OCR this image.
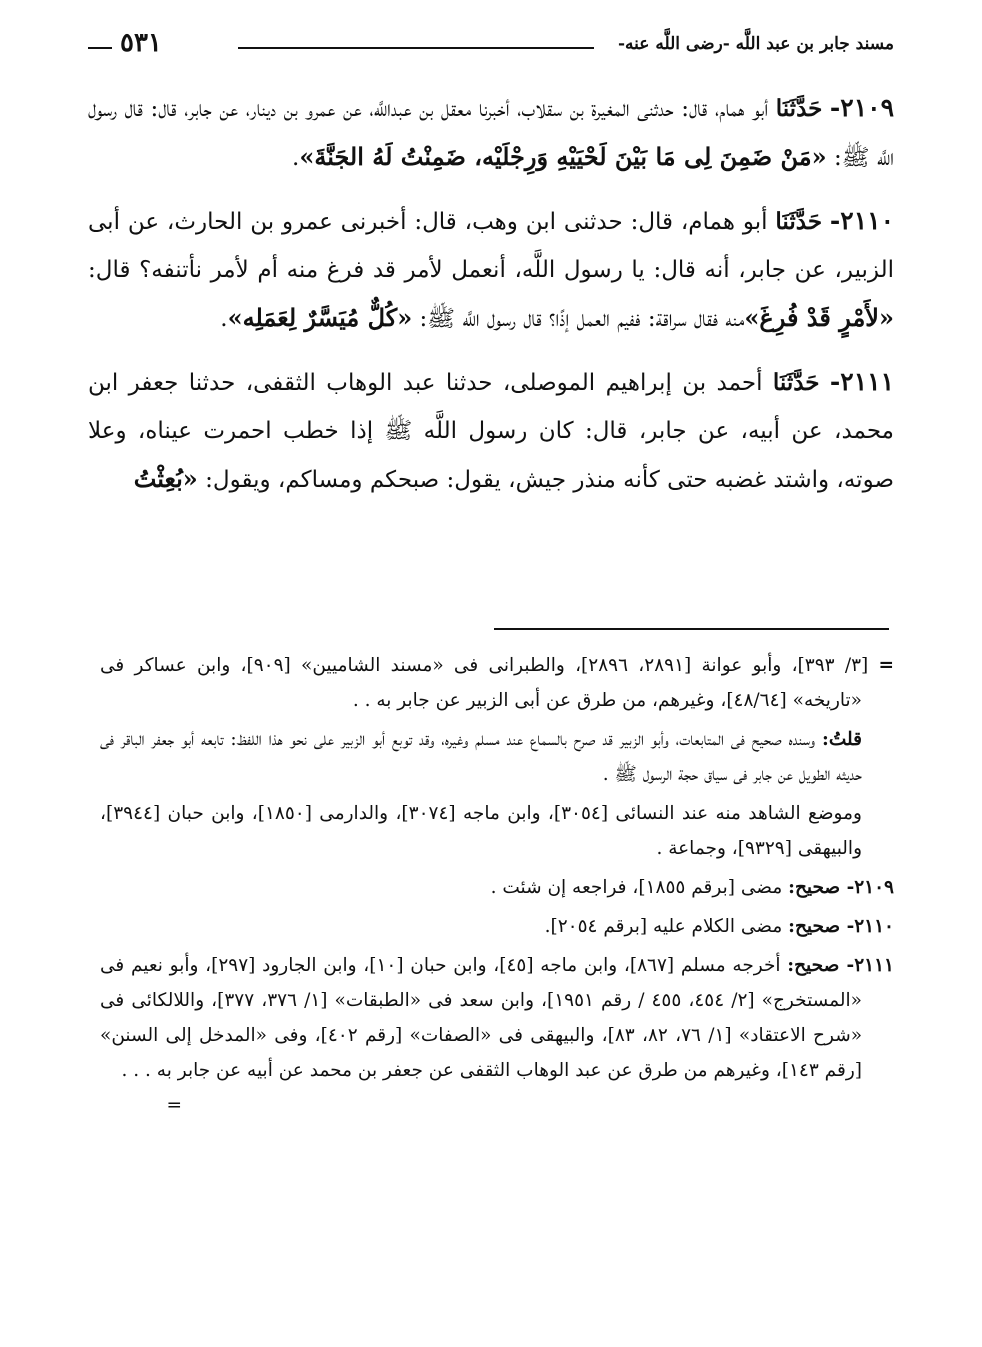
مسند جابر بن عبد اللَّه -رضى اللَّه عنه-
٥٣١

٢١٠٩- حَدَّثَنَا أبو همام، قال: حدثنى المغيرة بن سقلاب، أخبرنا معقل بن عبداللَّه، عن عمرو بن دينار، عن جابر، قال: قال رسول اللَّه ﷺ: «مَنْ ضَمِنَ لِى مَا بَيْنَ لَحْيَيْهِ وَرِجْلَيْه، ضَمِنْتُ لَهُ الجَنَّةَ».

٢١١٠- حَدَّثَنَا أبو همام، قال: حدثنى ابن وهب، قال: أخبرنى عمرو بن الحارث، عن أبى الزبير، عن جابر، أنه قال: يا رسول اللَّه، أنعمل لأمر قد فرغ منه أم لأمر نأتنفه؟ قال: «لأَمْرٍ قَدْ فُرِغَ»منه فقال سراقة: ففيم العمل إذًا؟ قال رسول اللَّه ﷺ: «كُلٌّ مُيَسَّرٌ لِعَمَلِه».

٢١١١- حَدَّثَنَا أحمد بن إبراهيم الموصلى، حدثنا عبد الوهاب الثقفى، حدثنا جعفر ابن محمد، عن أبيه، عن جابر، قال: كان رسول اللَّه ﷺ إذا خطب احمرت عيناه، وعلا صوته، واشتد غضبه حتى كأنه منذر جيش، يقول: صبحكم ومساكم، ويقول: «بُعِثْتُ

= [٣/ ٣٩٣]، وأبو عوانة [٢٨٩١، ٢٨٩٦]، والطبرانى فى «مسند الشاميين» [٩٠٩]، وابن عساكر فى «تاريخه» [٤٨/٦٤]، وغيرهم، من طرق عن أبى الزبير عن جابر به . .

قلتُ: وسنده صحيح فى المتابعات، وأبو الزبير قد صرح بالسماع عند مسلم وغيره، وقد توبع أبو الزبير على نحو هذا اللفظ: تابعه أبو جعفر الباقر فى حديثه الطويل عن جابر فى سياق حجة الرسول ﷺ .

وموضع الشاهد منه عند النسائى [٣٠٥٤]، وابن ماجه [٣٠٧٤]، والدارمى [١٨٥٠]، وابن حبان [٣٩٤٤]، والبيهقى [٩٣٢٩]، وجماعة .

٢١٠٩- صحيح: مضى [برقم ١٨٥٥]، فراجعه إن شئت .

٢١١٠- صحيح: مضى الكلام عليه [برقم ٢٠٥٤].

٢١١١- صحيح: أخرجه مسلم [٨٦٧]، وابن ماجه [٤٥]، وابن حبان [١٠]، وابن الجارود [٢٩٧]، وأبو نعيم فى «المستخرج» [٢/ ٤٥٤، ٤٥٥ / رقم ١٩٥١]، وابن سعد فى «الطبقات» [١/ ٣٧٦، ٣٧٧]، واللالكائى فى «شرح الاعتقاد» [١/ ٧٦، ٨٢، ٨٣]، والبيهقى فى «الصفات» [رقم ٤٠٢]، وفى «المدخل إلى السنن» [رقم ١٤٣]، وغيرهم من طرق عن عبد الوهاب الثقفى عن جعفر بن محمد عن أبيه عن جابر به . . .
=
